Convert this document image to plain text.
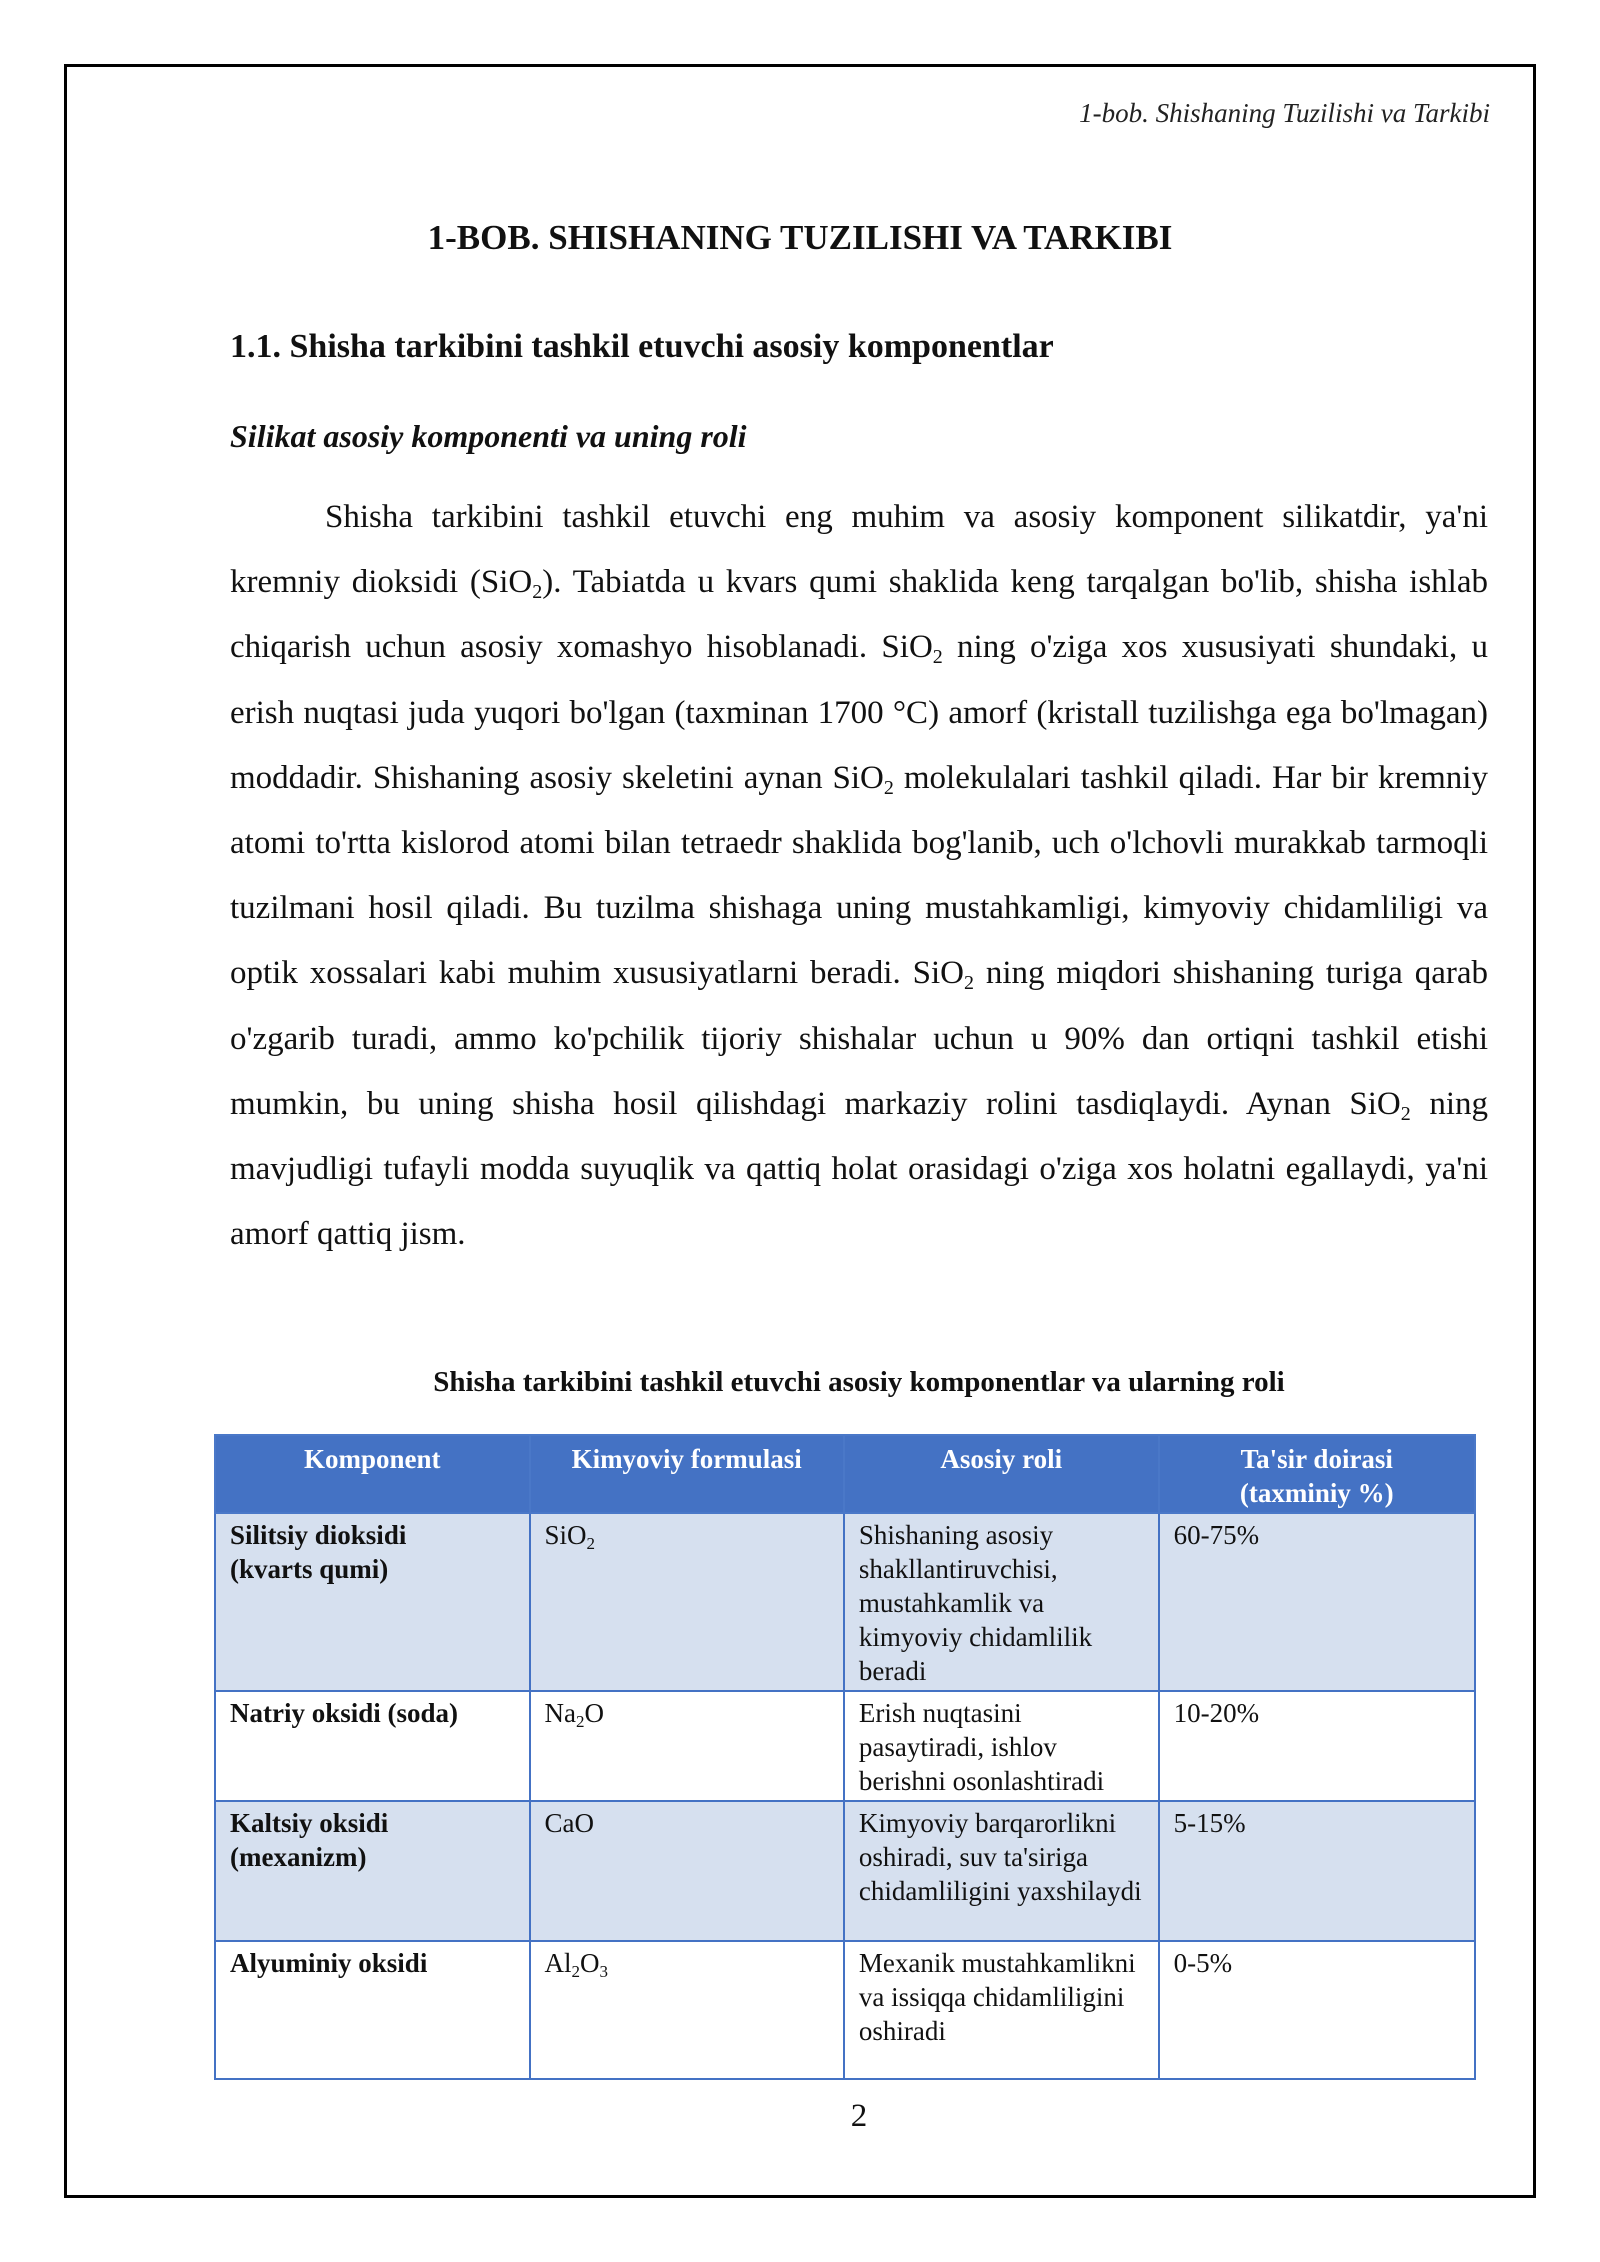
1-bob. Shishaning Tuzilishi va Tarkibi
1-BOB. SHISHANING TUZILISHI VA TARKIBI
1.1. Shisha tarkibini tashkil etuvchi asosiy komponentlar
Silikat asosiy komponenti va uning roli

Shisha tarkibini tashkil etuvchi eng muhim va asosiy komponent silikatdir, ya'ni kremniy dioksidi (SiO$_2$). Tabiatda u kvars qumi shaklida keng tarqalgan bo'lib, shisha ishlab chiqarish uchun asosiy xomashyo hisoblanadi. SiO$_2$ ning o'ziga xos xususiyati shundaki, u erish nuqtasi juda yuqori bo'lgan (taxminan 1700 °C) amorf (kristall tuzilishga ega bo'lmagan) moddadir. Shishaning asosiy skeletini aynan SiO$_2$ molekulalari tashkil qiladi. Har bir kremniy atomi to'rtta kislorod atomi bilan tetraedr shaklida bog'lanib, uch o'lchovli murakkab tarmoqli tuzilmani hosil qiladi. Bu tuzilma shishaga uning mustahkamligi, kimyoviy chidamliligi va optik xossalari kabi muhim xususiyatlarni beradi. SiO$_2$ ning miqdori shishaning turiga qarab o'zgarib turadi, ammo ko'pchilik tijoriy shishalar uchun u 90% dan ortiqni tashkil etishi mumkin, bu uning shisha hosil qilishdagi markaziy rolini tasdiqlaydi. Aynan SiO$_2$ ning mavjudligi tufayli modda suyuqlik va qattiq holat orasidagi o'ziga xos holatni egallaydi, ya'ni amorf qattiq jism.

Shisha tarkibini tashkil etuvchi asosiy komponentlar va ularning roli
Komponent	Kimyoviy formulasi	Asosiy roli	Ta'sir doirasi
(taxminiy %)
Silitsiy dioksidi
(kvarts qumi)	SiO$_2$	Shishaning asosiy shakllantiruvchisi, mustahkamlik va kimyoviy chidamlilik beradi	60-75%
Natriy oksidi (soda)	$Na_2O$	Erish nuqtasini pasaytiradi, ishlov berishni osonlashtiradi	10-20%
Kaltsiy oksidi
(mexanizm)	CaO	Kimyoviy barqarorlikni oshiradi, suv ta'siriga chidamliligini yaxshilaydi	5-15%
Alyuminiy oksidi	$Al_2O_3$	Mexanik mustahkamlikni va issiqqa chidamliligini oshiradi	0-5%
2
